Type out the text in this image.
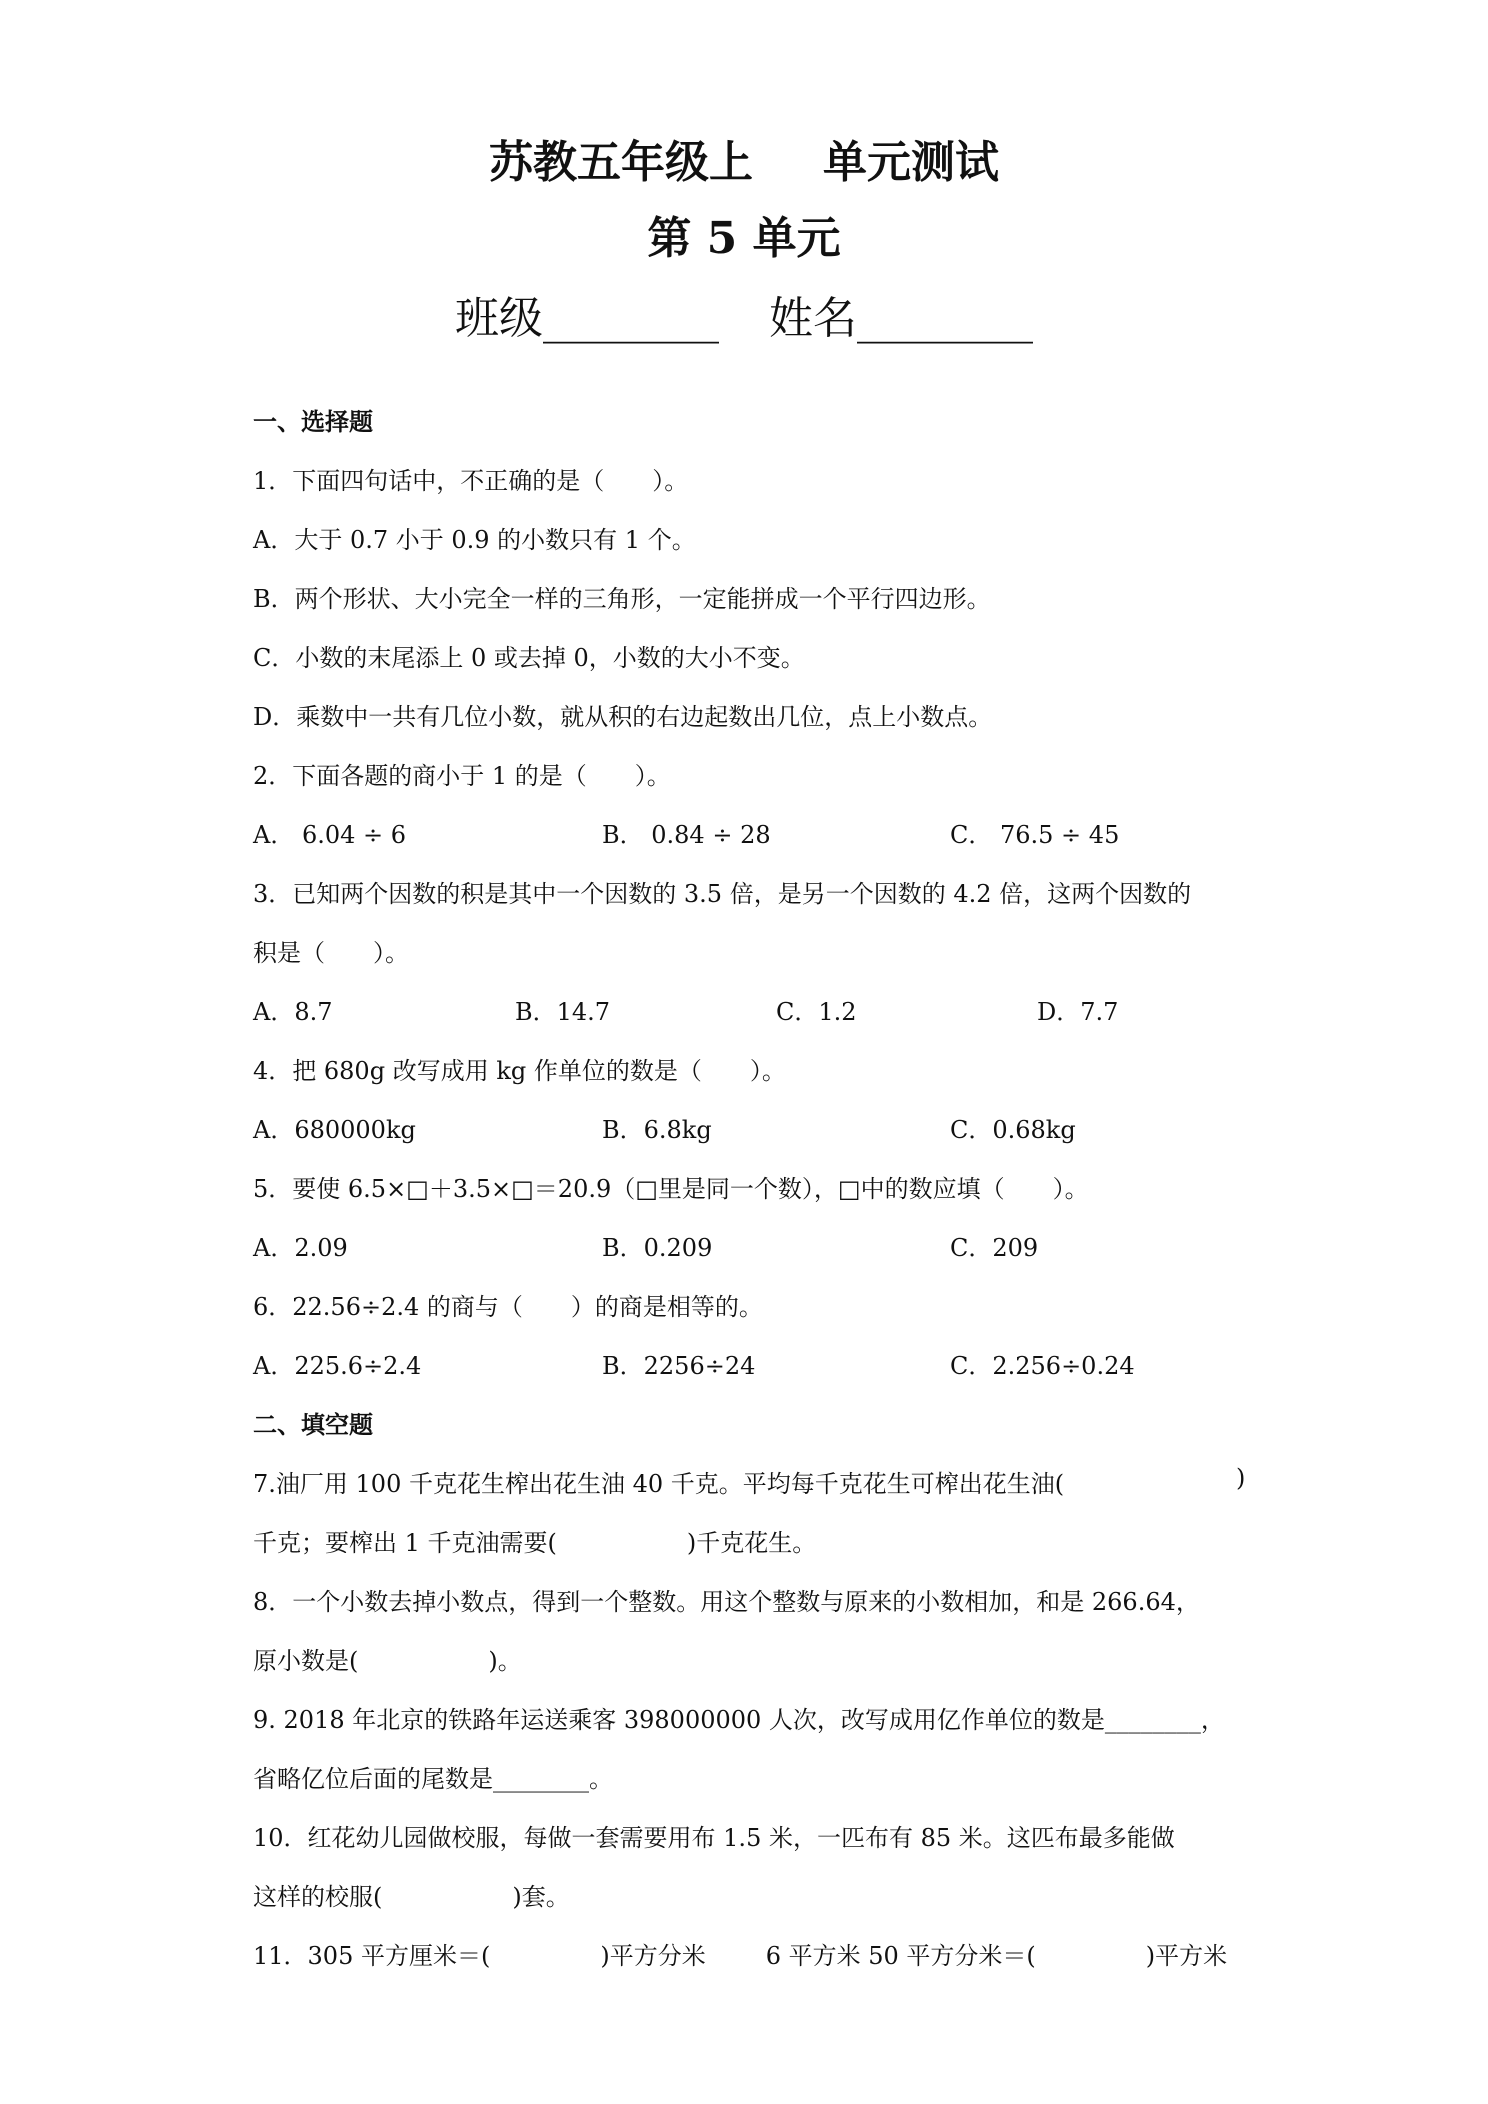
苏教五年级上 单元测试
第 5 单元
班级________ 姓名________
一、选择题
1．下面四句话中，不正确的是（　　）。
A．大于 0.7 小于 0.9 的小数只有 1 个。
B．两个形状、大小完全一样的三角形，一定能拼成一个平行四边形。
C．小数的末尾添上 0 或去掉 0，小数的大小不变。
D．乘数中一共有几位小数，就从积的右边起数出几位，点上小数点。
2．下面各题的商小于 1 的是（　　）。
A． 6.04 ÷ 6	B． 0.84 ÷ 28	C． 76.5 ÷ 45
3．已知两个因数的积是其中一个因数的 3.5 倍，是另一个因数的 4.2 倍，这两个因数的
积是（　　）。
A．8.7	B．14.7	C．1.2	D．7.7
4．把 680g 改写成用 kg 作单位的数是（　　）。
A．680000kg	B．6.8kg	C．0.68kg
5．要使 6.5×□＋3.5×□＝20.9（□里是同一个数），□中的数应填（　　）。
A．2.09	B．0.209	C．209
6．22.56÷2.4 的商与（　　）的商是相等的。
A．225.6÷2.4	B．2256÷24	C．2.256÷0.24
二、填空题
7.油厂用 100 千克花生榨出花生油 40 千克。平均每千克花生可榨出花生油(	)
千克；要榨出 1 千克油需要(	)千克花生。
8．一个小数去掉小数点，得到一个整数。用这个整数与原来的小数相加，和是 266.64，
原小数是(	)。
9. 2018 年北京的铁路年运送乘客 398000000 人次，改写成用亿作单位的数是________，
省略亿位后面的尾数是________。
10．红花幼儿园做校服，每做一套需要用布 1.5 米，一匹布有 85 米。这匹布最多能做
这样的校服(	)套。
11．305 平方厘米＝(	)平方分米	6 平方米 50 平方分米＝(	)平方米
